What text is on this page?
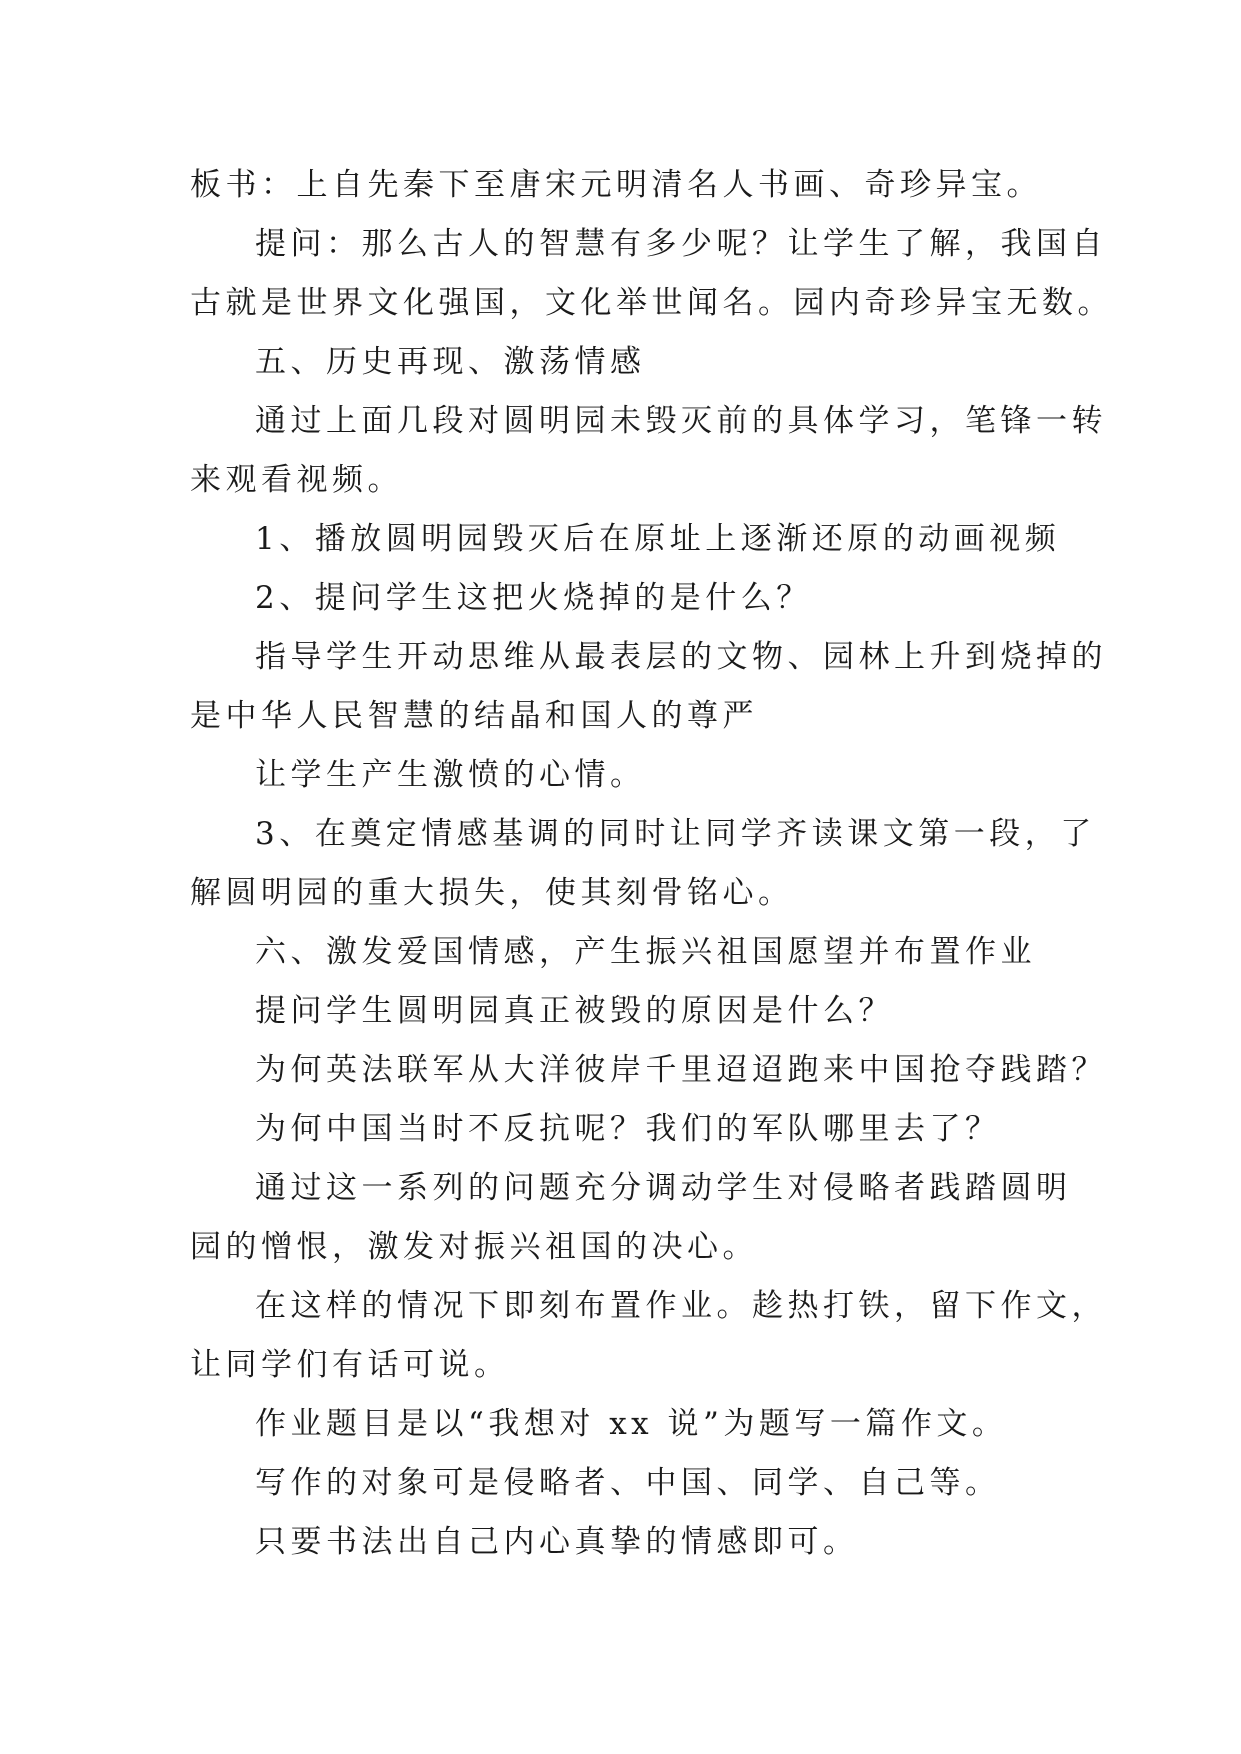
板书：上自先秦下至唐宋元明清名人书画、奇珍异宝。
提问：那么古人的智慧有多少呢？让学生了解，我国自
古就是世界文化强国，文化举世闻名。园内奇珍异宝无数。
五、历史再现、激荡情感
通过上面几段对圆明园未毁灭前的具体学习，笔锋一转
来观看视频。
1、播放圆明园毁灭后在原址上逐渐还原的动画视频
2、提问学生这把火烧掉的是什么？
指导学生开动思维从最表层的文物、园林上升到烧掉的
是中华人民智慧的结晶和国人的尊严
让学生产生激愤的心情。
3、在奠定情感基调的同时让同学齐读课文第一段，了
解圆明园的重大损失，使其刻骨铭心。
六、激发爱国情感，产生振兴祖国愿望并布置作业
提问学生圆明园真正被毁的原因是什么？
为何英法联军从大洋彼岸千里迢迢跑来中国抢夺践踏？
为何中国当时不反抗呢？我们的军队哪里去了？
通过这一系列的问题充分调动学生对侵略者践踏圆明
园的憎恨，激发对振兴祖国的决心。
在这样的情况下即刻布置作业。趁热打铁，留下作文，
让同学们有话可说。
作业题目是以“我想对 xx 说”为题写一篇作文。
写作的对象可是侵略者、中国、同学、自己等。
只要书法出自己内心真挚的情感即可。
